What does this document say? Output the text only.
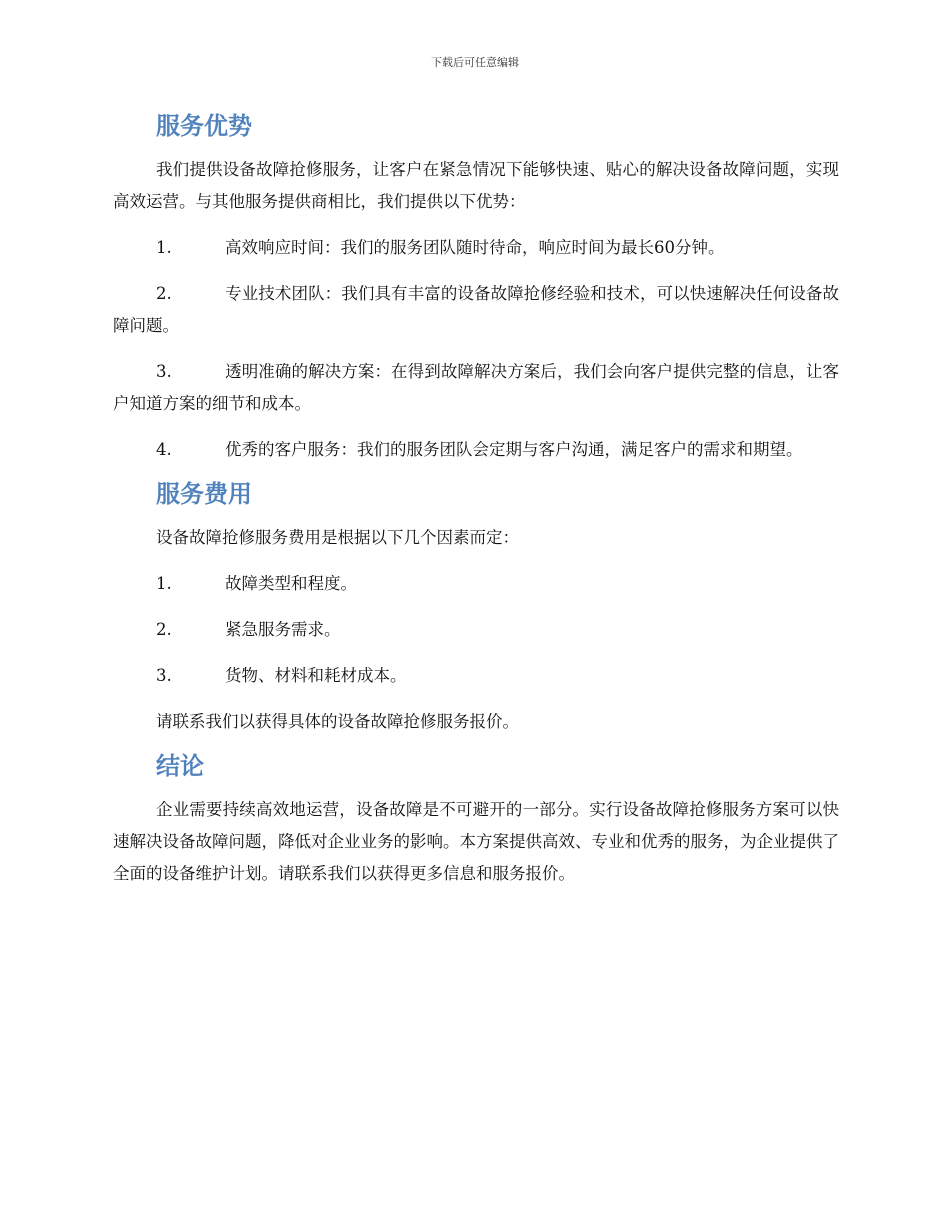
下载后可任意编辑
服务优势

我们提供设备故障抢修服务，让客户在紧急情况下能够快速、贴心的解决设备故障问题，实现高效运营。与其他服务提供商相比，我们提供以下优势：

1.	高效响应时间：我们的服务团队随时待命，响应时间为最长60分钟。

2.	专业技术团队：我们具有丰富的设备故障抢修经验和技术，可以快速解决任何设备故障问题。

3.	透明准确的解决方案：在得到故障解决方案后，我们会向客户提供完整的信息，让客户知道方案的细节和成本。

4.	优秀的客户服务：我们的服务团队会定期与客户沟通，满足客户的需求和期望。

服务费用

设备故障抢修服务费用是根据以下几个因素而定：

1.	故障类型和程度。

2.	紧急服务需求。

3.	货物、材料和耗材成本。

请联系我们以获得具体的设备故障抢修服务报价。

结论

企业需要持续高效地运营，设备故障是不可避开的一部分。实行设备故障抢修服务方案可以快速解决设备故障问题，降低对企业业务的影响。本方案提供高效、专业和优秀的服务，为企业提供了全面的设备维护计划。请联系我们以获得更多信息和服务报价。
